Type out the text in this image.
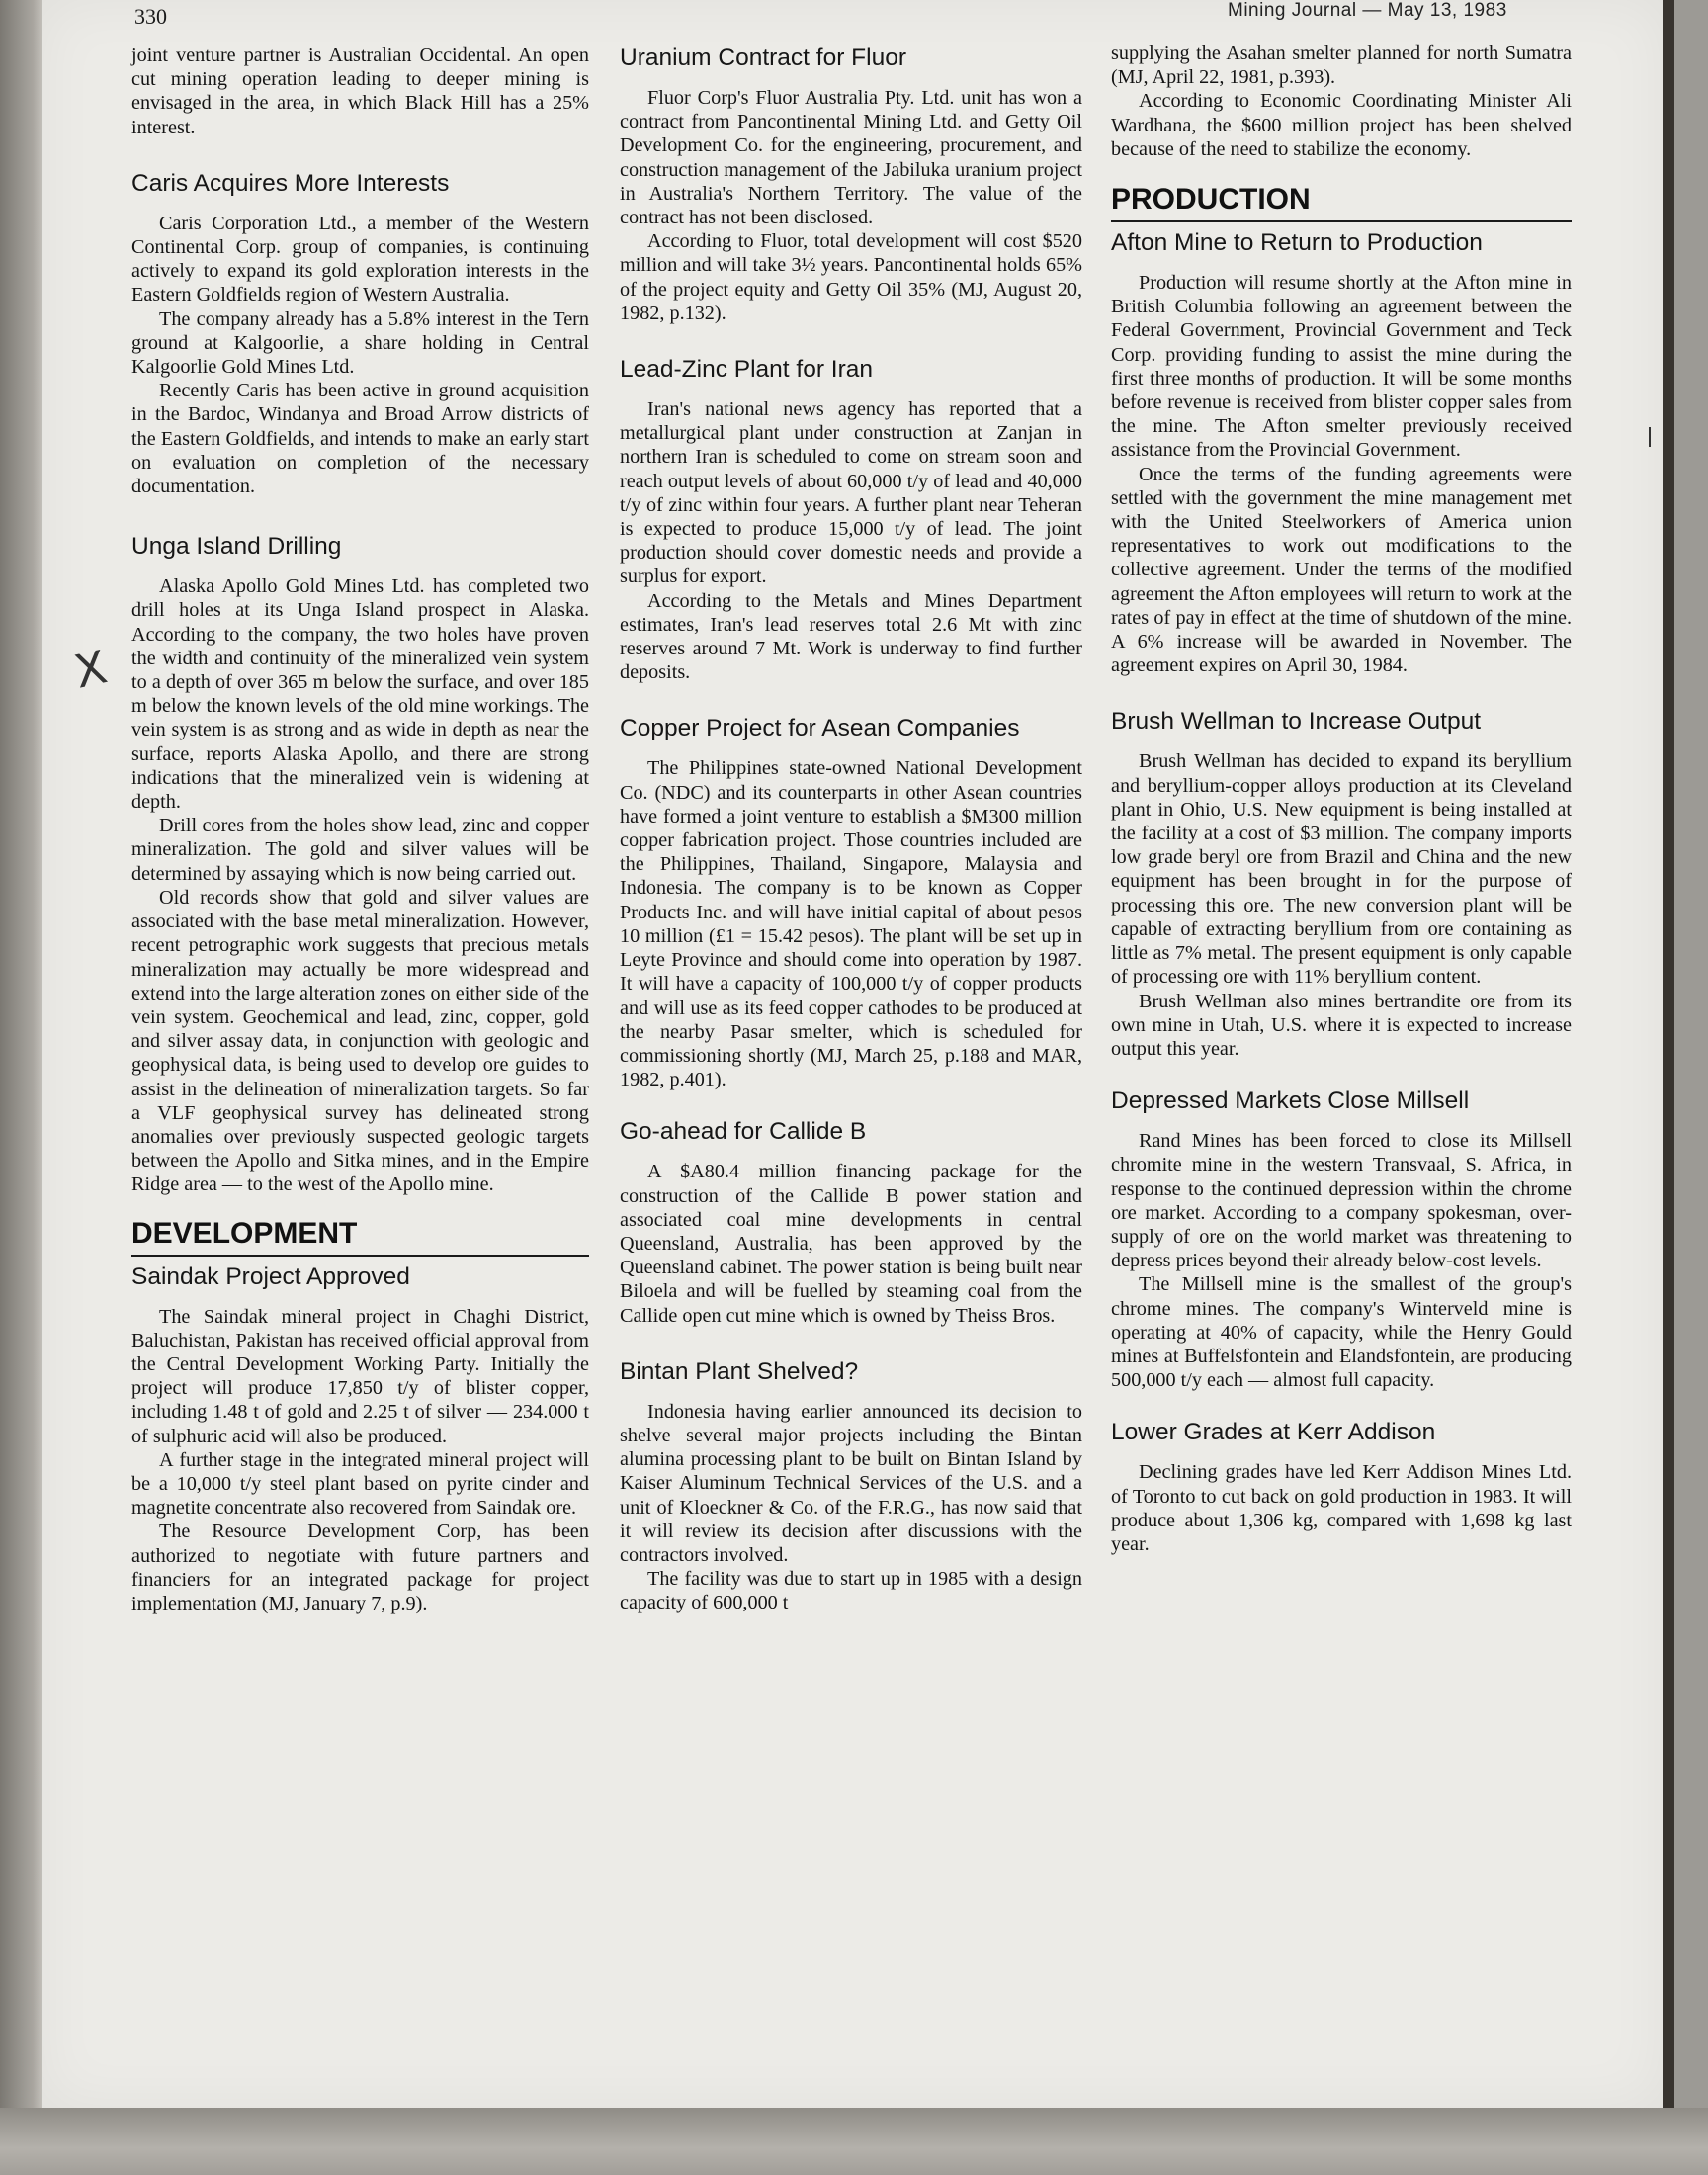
330	Mining Journal — May 13, 1983
X

joint venture partner is Australian Occidental. An open cut mining operation leading to deeper mining is envisaged in the area, in which Black Hill has a 25% interest.

Caris Acquires More Interests

Caris Corporation Ltd., a member of the Western Continental Corp. group of companies, is continuing actively to expand its gold exploration interests in the Eastern Goldfields region of Western Australia.

The company already has a 5.8% interest in the Tern ground at Kalgoorlie, a share holding in Central Kalgoorlie Gold Mines Ltd.

Recently Caris has been active in ground acquisition in the Bardoc, Windanya and Broad Arrow districts of the Eastern Goldfields, and intends to make an early start on evaluation on completion of the necessary documentation.

Unga Island Drilling

Alaska Apollo Gold Mines Ltd. has completed two drill holes at its Unga Island prospect in Alaska. According to the company, the two holes have proven the width and continuity of the mineralized vein system to a depth of over 365 m below the surface, and over 185 m below the known levels of the old mine workings. The vein system is as strong and as wide in depth as near the surface, reports Alaska Apollo, and there are strong indications that the mineralized vein is widening at depth.

Drill cores from the holes show lead, zinc and copper mineralization. The gold and silver values will be determined by assaying which is now being carried out.

Old records show that gold and silver values are associated with the base metal mineralization. However, recent petrographic work suggests that precious metals mineralization may actually be more widespread and extend into the large alteration zones on either side of the vein system. Geochemical and lead, zinc, copper, gold and silver assay data, in conjunction with geologic and geophysical data, is being used to develop ore guides to assist in the delineation of mineralization targets. So far a VLF geophysical survey has delineated strong anomalies over previously suspected geologic targets between the Apollo and Sitka mines, and in the Empire Ridge area — to the west of the Apollo mine.

DEVELOPMENT
Saindak Project Approved

The Saindak mineral project in Chaghi District, Baluchistan, Pakistan has received official approval from the Central Development Working Party. Initially the project will produce 17,850 t/y of blister copper, including 1.48 t of gold and 2.25 t of silver — 234.000 t of sulphuric acid will also be produced.

A further stage in the integrated mineral project will be a 10,000 t/y steel plant based on pyrite cinder and magnetite concentrate also recovered from Saindak ore.

The Resource Development Corp, has been authorized to negotiate with future partners and financiers for an integrated package for project implementation (MJ, January 7, p.9).

Uranium Contract for Fluor

Fluor Corp's Fluor Australia Pty. Ltd. unit has won a contract from Pancontinental Mining Ltd. and Getty Oil Development Co. for the engineering, procurement, and construction management of the Jabiluka uranium project in Australia's Northern Territory. The value of the contract has not been disclosed.

According to Fluor, total development will cost $520 million and will take 3½ years. Pancontinental holds 65% of the project equity and Getty Oil 35% (MJ, August 20, 1982, p.132).

Lead-Zinc Plant for Iran

Iran's national news agency has reported that a metallurgical plant under construction at Zanjan in northern Iran is scheduled to come on stream soon and reach output levels of about 60,000 t/y of lead and 40,000 t/y of zinc within four years. A further plant near Teheran is expected to produce 15,000 t/y of lead. The joint production should cover domestic needs and provide a surplus for export.

According to the Metals and Mines Department estimates, Iran's lead reserves total 2.6 Mt with zinc reserves around 7 Mt. Work is underway to find further deposits.

Copper Project for Asean Companies

The Philippines state-owned National Development Co. (NDC) and its counterparts in other Asean countries have formed a joint venture to establish a $M300 million copper fabrication project. Those countries included are the Philippines, Thailand, Singapore, Malaysia and Indonesia. The company is to be known as Copper Products Inc. and will have initial capital of about pesos 10 million (£1 = 15.42 pesos). The plant will be set up in Leyte Province and should come into operation by 1987. It will have a capacity of 100,000 t/y of copper products and will use as its feed copper cathodes to be produced at the nearby Pasar smelter, which is scheduled for commissioning shortly (MJ, March 25, p.188 and MAR, 1982, p.401).

Go-ahead for Callide B

A $A80.4 million financing package for the construction of the Callide B power station and associated coal mine developments in central Queensland, Australia, has been approved by the Queensland cabinet. The power station is being built near Biloela and will be fuelled by steaming coal from the Callide open cut mine which is owned by Theiss Bros.

Bintan Plant Shelved?

Indonesia having earlier announced its decision to shelve several major projects including the Bintan alumina processing plant to be built on Bintan Island by Kaiser Aluminum Technical Services of the U.S. and a unit of Kloeckner & Co. of the F.R.G., has now said that it will review its decision after discussions with the contractors involved.

The facility was due to start up in 1985 with a design capacity of 600,000 t

supplying the Asahan smelter planned for north Sumatra (MJ, April 22, 1981, p.393).

According to Economic Coordinating Minister Ali Wardhana, the $600 million project has been shelved because of the need to stabilize the economy.

PRODUCTION
Afton Mine to Return to Production

Production will resume shortly at the Afton mine in British Columbia following an agreement between the Federal Government, Provincial Government and Teck Corp. providing funding to assist the mine during the first three months of production. It will be some months before revenue is received from blister copper sales from the mine. The Afton smelter previously received assistance from the Provincial Government.

Once the terms of the funding agreements were settled with the government the mine management met with the United Steelworkers of America union representatives to work out modifications to the collective agreement. Under the terms of the modified agreement the Afton employees will return to work at the rates of pay in effect at the time of shutdown of the mine. A 6% increase will be awarded in November. The agreement expires on April 30, 1984.

Brush Wellman to Increase Output

Brush Wellman has decided to expand its beryllium and beryllium-copper alloys production at its Cleveland plant in Ohio, U.S. New equipment is being installed at the facility at a cost of $3 million. The company imports low grade beryl ore from Brazil and China and the new equipment has been brought in for the purpose of processing this ore. The new conversion plant will be capable of extracting beryllium from ore containing as little as 7% metal. The present equipment is only capable of processing ore with 11% beryllium content.

Brush Wellman also mines bertrandite ore from its own mine in Utah, U.S. where it is expected to increase output this year.

Depressed Markets Close Millsell

Rand Mines has been forced to close its Millsell chromite mine in the western Transvaal, S. Africa, in response to the continued depression within the chrome ore market. According to a company spokesman, over-supply of ore on the world market was threatening to depress prices beyond their already below-cost levels.

The Millsell mine is the smallest of the group's chrome mines. The company's Winterveld mine is operating at 40% of capacity, while the Henry Gould mines at Buffelsfontein and Elandsfontein, are producing 500,000 t/y each — almost full capacity.

Lower Grades at Kerr Addison

Declining grades have led Kerr Addison Mines Ltd. of Toronto to cut back on gold production in 1983. It will produce about 1,306 kg, compared with 1,698 kg last year.
